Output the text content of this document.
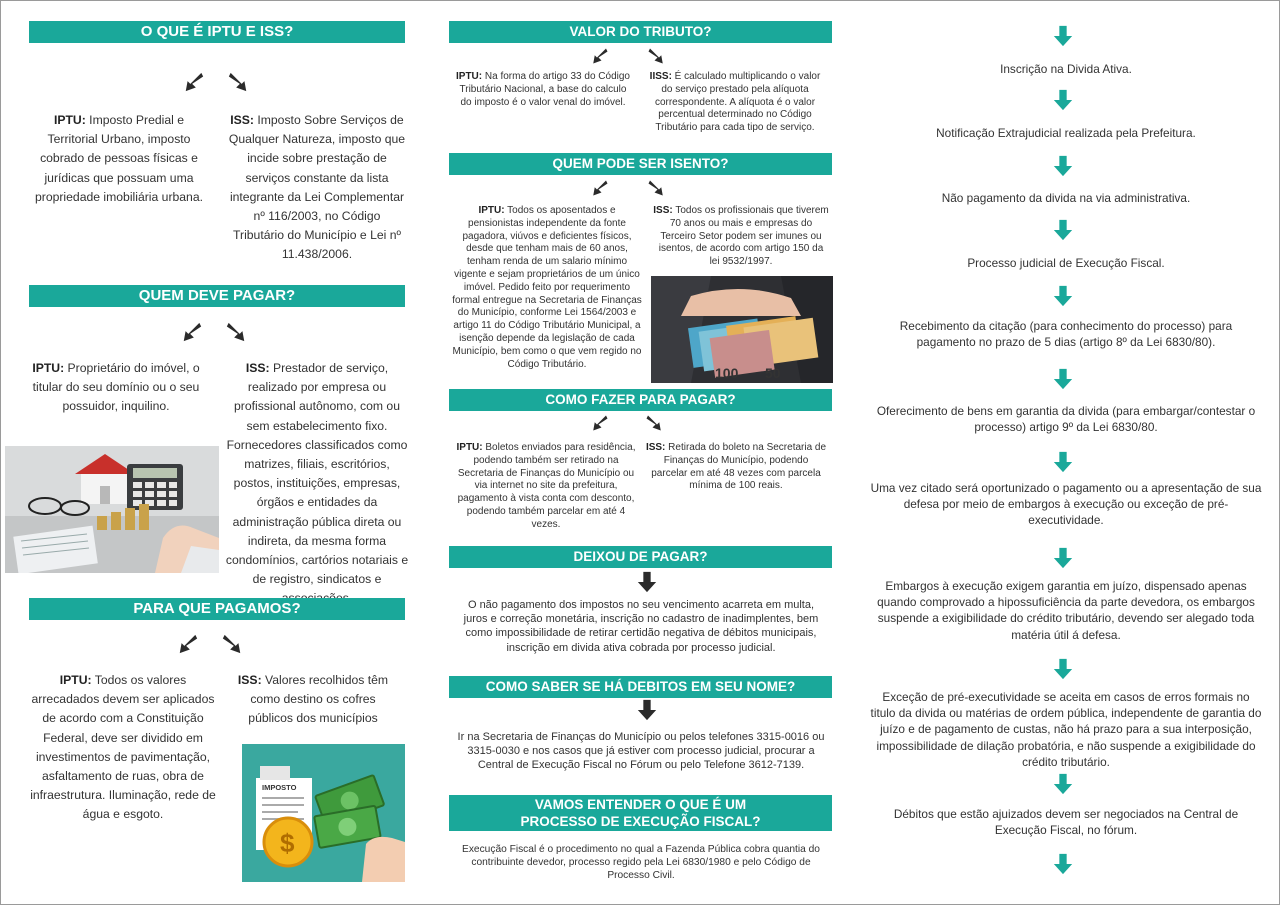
O QUE É IPTU E ISS?
IPTU: Imposto Predial e Territorial Urbano, imposto cobrado de pessoas físicas e jurídicas que possuam uma propriedade imobiliária urbana.
ISS: Imposto Sobre Serviços de Qualquer Natureza, imposto que incide sobre prestação de serviços constante da lista integrante da Lei Complementar nº 116/2003, no Código Tributário do Município e Lei nº 11.438/2006.
QUEM DEVE PAGAR?
IPTU: Proprietário do imóvel, o titular do seu domínio ou o seu possuidor, inquilino.
ISS: Prestador de serviço, realizado por empresa ou profissional autônomo, com ou sem estabelecimento fixo. Fornecedores classificados como matrizes, filiais, escritórios, postos, instituições, empresas, órgãos e entidades da administração pública direta ou indireta, da mesma forma condomínios, cartórios notariais e de registro, sindicatos e
PARA QUE PAGAMOS?
IPTU: Todos os valores arrecadados devem ser aplicados de acordo com a Constituição Federal, deve ser dividido em investimentos de pavimentação, asfaltamento de ruas, obra de infraestrutura. Iluminação, rede de água e esgoto.
ISS: Valores recolhidos têm como destino os cofres públicos dos municípios
IMPOSTO
$
VALOR DO TRIBUTO?
IPTU: Na forma do artigo 33 do Código Tributário Nacional, a base do calculo do imposto é o valor venal do imóvel.
IISS: É calculado multiplicando o valor do serviço prestado pela alíquota correspondente. A alíquota é o valor percentual determinado no Código Tributário para cada tipo de serviço.
QUEM PODE SER ISENTO?
IPTU: Todos os aposentados e pensionistas independente da fonte pagadora, viúvos e deficientes físicos, desde que tenham mais de 60 anos, tenham renda de um salario mínimo vigente e sejam proprietários de um único imóvel. Pedido feito por requerimento formal entregue na Secretaria de Finanças do Município, conforme Lei 1564/2003 e artigo 11 do Código Tributário Municipal, a isenção depende da legislação de cada Município, bem como o que vem regido no Código Tributário.
ISS: Todos os profissionais que tiverem 70 anos ou mais e empresas do Terceiro Setor podem ser imunes ou isentos, de acordo com artigo 150 da lei 9532/1997.
100 50
COMO FAZER PARA PAGAR?
IPTU: Boletos enviados para residência, podendo também ser retirado na Secretaria de Finanças do Município ou via internet no site da prefeitura, pagamento à vista conta com desconto, podendo também parcelar em até 4 vezes.
ISS: Retirada do boleto na Secretaria de Finanças do Município, podendo parcelar em até 48 vezes com parcela mínima de 100 reais.
DEIXOU DE PAGAR?
O não pagamento dos impostos no seu vencimento acarreta em multa, juros e correção monetária, inscrição no cadastro de inadimplentes, bem como impossibilidade de retirar certidão negativa de débitos municipais, inscrição em divida ativa cobrada por processo judicial.
COMO SABER SE HÁ DEBITOS EM SEU NOME?
Ir na Secretaria de Finanças do Município ou pelos telefones 3315-0016 ou 3315-0030 e nos casos que já estiver com processo judicial, procurar a Central de Execução Fiscal no Fórum ou pelo Telefone 3612-7139.
VAMOS ENTENDER O QUE É UM
PROCESSO DE EXECUÇÃO FISCAL?
Execução Fiscal é o procedimento no qual a Fazenda Pública cobra quantia do contribuinte devedor, processo regido pela Lei 6830/1980 e pelo Código de Processo Civil.
Inscrição na Divida Ativa.
Notificação Extrajudicial realizada pela Prefeitura.
Não pagamento da divida na via administrativa.
Processo judicial de Execução Fiscal.
Recebimento da citação (para conhecimento do processo) para pagamento no prazo de 5 dias (artigo 8º da Lei 6830/80).
Oferecimento de bens em garantia da divida (para embargar/contestar o processo) artigo 9º da Lei 6830/80.
Uma vez citado será oportunizado o pagamento ou a apresentação de sua defesa por meio de embargos à execução ou exceção de pré-executividade.
Embargos à execução exigem garantia em juízo, dispensado apenas quando comprovado a hipossuficiência da parte devedora, os embargos suspende a exigibilidade do crédito tributário, devendo ser alegado toda matéria útil á defesa.
Exceção de pré-executividade se aceita em casos de erros formais no titulo da divida ou matérias de ordem pública, independente de garantia do juízo e de pagamento de custas, não há prazo para a sua interposição, impossibilidade de dilação probatória, e não suspende a exigibilidade do crédito tributário.
Débitos que estão ajuizados devem ser negociados na Central de Execução Fiscal, no fórum.
